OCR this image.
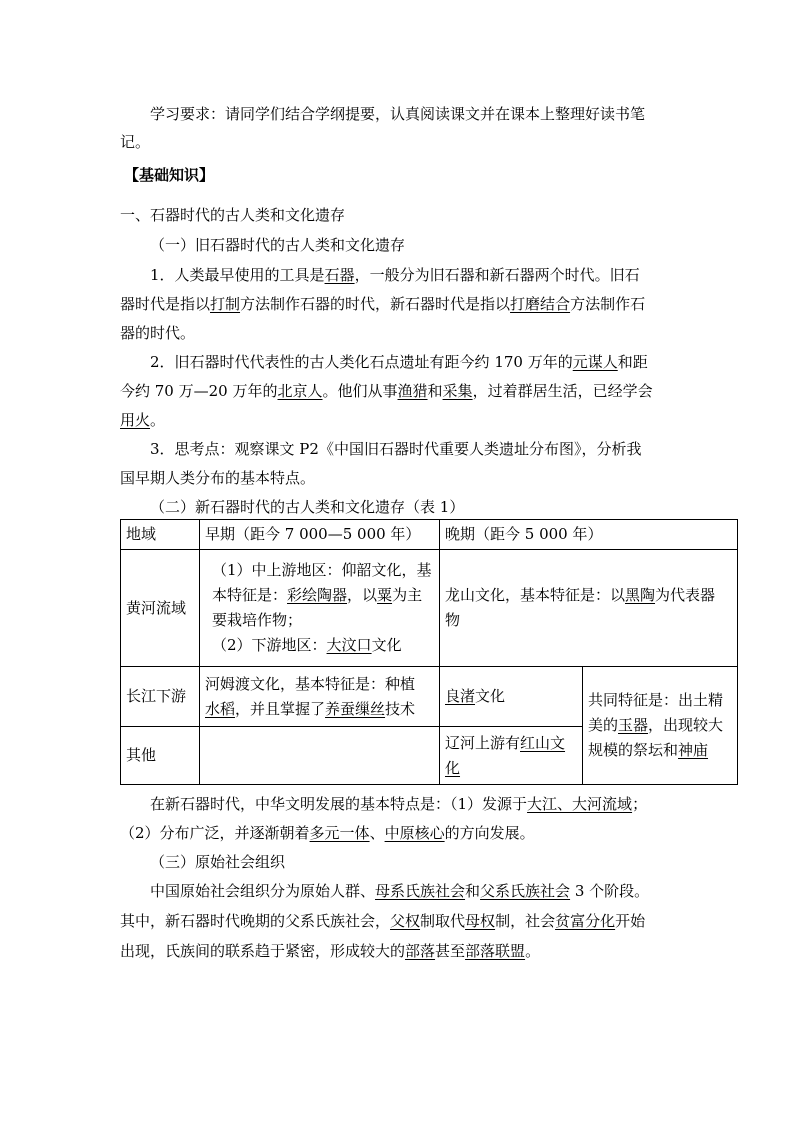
学习要求：请同学们结合学纲提要，认真阅读课文并在课本上整理好读书笔
记。
【基础知识】
一、石器时代的古人类和文化遗存
（一）旧石器时代的古人类和文化遗存
1．人类最早使用的工具是石器，一般分为旧石器和新石器两个时代。旧石
器时代是指以打制方法制作石器的时代，新石器时代是指以打磨结合方法制作石
器的时代。
2．旧石器时代代表性的古人类化石点遗址有距今约 170 万年的元谋人和距
今约 70 万—20 万年的北京人。他们从事渔猎和采集，过着群居生活，已经学会
用火。
3．思考点：观察课文 P2《中国旧石器时代重要人类遗址分布图》，分析我
国早期人类分布的基本特点。
（二）新石器时代的古人类和文化遗存（表 1）
地域	早期（距今 7 000—5 000 年）	晚期（距今 5 000 年）	
黄河流域	（1）中上游地区：仰韶文化，基
本特征是：彩绘陶器，以粟为主
要栽培作物；
（2）下游地区：大汶口文化	龙山文化，基本特征是：以黑陶为代表器
物	

长江下游	河姆渡文化，基本特征是：种植
水稻，并且掌握了养蚕缫丝技术	良渚文化	共同特征是：出土精
美的玉器，出现较大
规模的祭坛和神庙

其他		辽河上游有红山文
化	
在新石器时代，中华文明发展的基本特点是：（1）发源于大江、大河流域；
（2）分布广泛，并逐渐朝着多元一体、中原核心的方向发展。
（三）原始社会组织
中国原始社会组织分为原始人群、母系氏族社会和父系氏族社会 3 个阶段。
其中，新石器时代晚期的父系氏族社会，父权制取代母权制，社会贫富分化开始
出现，氏族间的联系趋于紧密，形成较大的部落甚至部落联盟。
